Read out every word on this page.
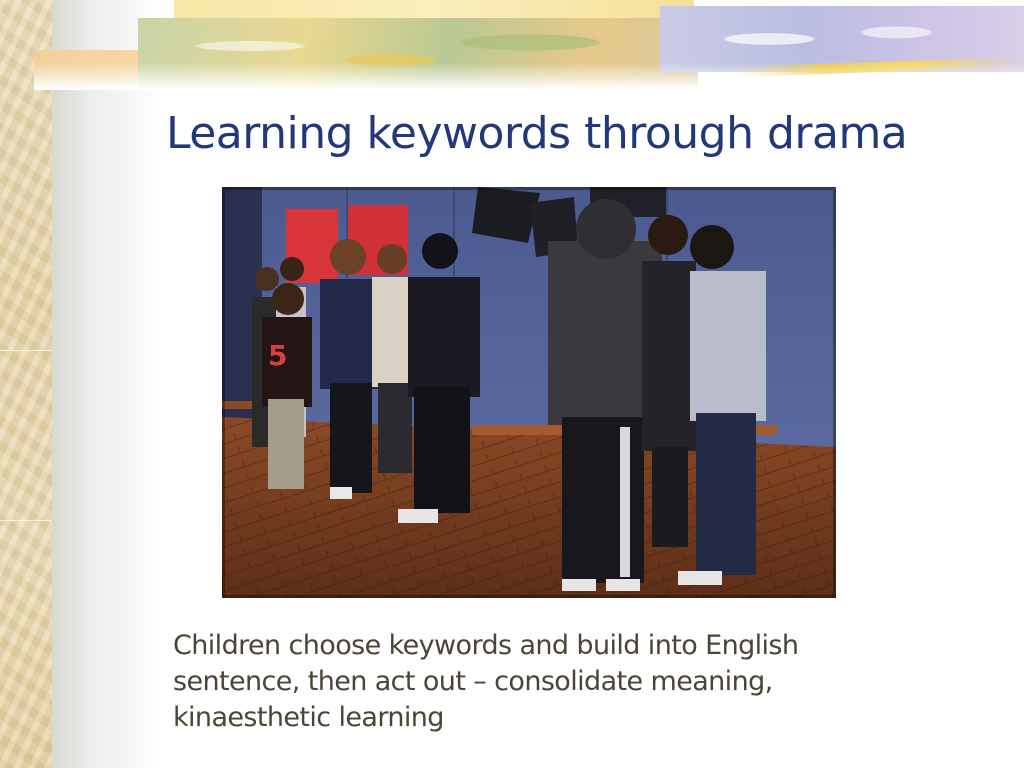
Learning keywords through drama
5
Children choose keywords and build into English
sentence, then act out – consolidate meaning,
kinaesthetic learning
